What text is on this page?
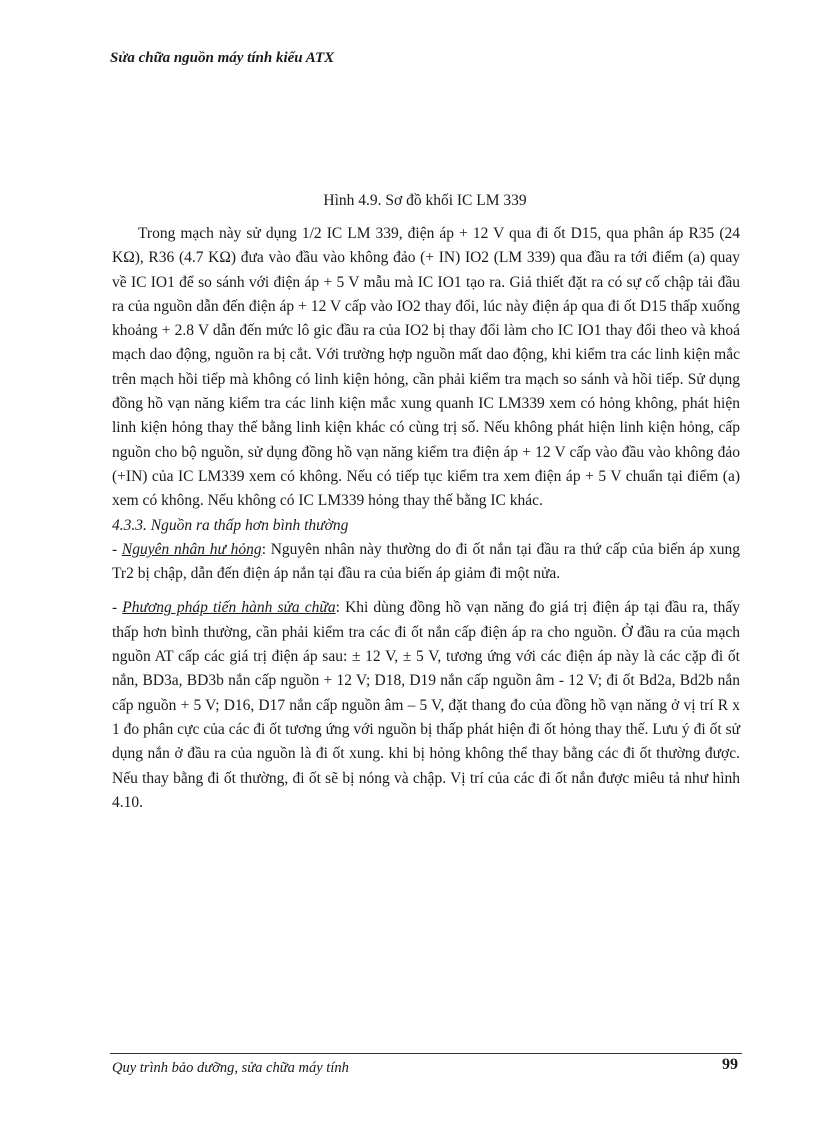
Sửa chữa nguồn máy tính kiểu ATX
Hình 4.9. Sơ đồ khối IC LM 339

Trong mạch này sử dụng 1/2 IC LM 339, điện áp + 12 V qua đi ốt D15, qua phân áp R35 (24 KΩ), R36 (4.7 KΩ) đưa vào đầu vào không đảo (+ IN) IO2 (LM 339) qua đầu ra tới điểm (a) quay về IC IO1 để so sánh với điện áp + 5 V mẫu mà IC IO1 tạo ra. Giả thiết đặt ra có sự cố chập tải đầu ra của nguồn dẫn đến điện áp + 12 V cấp vào IO2 thay đổi, lúc này điện áp qua đi ốt D15 thấp xuống khoảng + 2.8 V dẫn đến mức lô gic đầu ra của IO2 bị thay đổi làm cho IC IO1 thay đổi theo và khoá mạch dao động, nguồn ra bị cắt. Với trường hợp nguồn mất dao động, khi kiểm tra các linh kiện mắc trên mạch hồi tiếp mà không có linh kiện hỏng, cần phải kiểm tra mạch so sánh và hồi tiếp. Sử dụng đồng hồ vạn năng kiểm tra các linh kiện mắc xung quanh IC LM339 xem có hỏng không, phát hiện linh kiện hỏng thay thế bằng linh kiện khác có cùng trị số. Nếu không phát hiện linh kiện hỏng, cấp nguồn cho bộ nguồn, sử dụng đồng hồ vạn năng kiểm tra điện áp + 12 V cấp vào đầu vào không đảo (+IN) của IC LM339 xem có không. Nếu có tiếp tục kiểm tra xem điện áp + 5 V chuẩn tại điểm (a) xem có không. Nếu không có IC LM339 hỏng thay thế bằng IC khác.

4.3.3. Nguồn ra thấp hơn bình thường

- Nguyên nhân hư hỏng: Nguyên nhân này thường do đi ốt nắn tại đầu ra thứ cấp của biến áp xung Tr2 bị chập, dẫn đến điện áp nắn tại đầu ra của biến áp giảm đi một nửa.

- Phương pháp tiến hành sửa chữa: Khi dùng đồng hồ vạn năng đo giá trị điện áp tại đầu ra, thấy thấp hơn bình thường, cần phải kiểm tra các đi ốt nắn cấp điện áp ra cho nguồn. Ở đầu ra của mạch nguồn AT cấp các giá trị điện áp sau: ± 12 V, ± 5 V, tương ứng với các điện áp này là các cặp đi ốt nắn, BD3a, BD3b nắn cấp nguồn + 12 V; D18, D19 nắn cấp nguồn âm - 12 V; đi ốt Bd2a, Bd2b nắn cấp nguồn + 5 V; D16, D17 nắn cấp nguồn âm – 5 V, đặt thang đo của đồng hồ vạn năng ở vị trí R x 1 đo phân cực của các đi ốt tương ứng với nguồn bị thấp phát hiện đi ốt hỏng thay thế. Lưu ý đi ốt sử dụng nắn ở đầu ra của nguồn là đi ốt xung. khi bị hỏng không thể thay bằng các đi ốt thường được. Nếu thay bằng đi ốt thường, đi ốt sẽ bị nóng và chập. Vị trí của các đi ốt nắn được miêu tả như hình 4.10.

Quy trình bảo dưỡng, sửa chữa máy tính	99
